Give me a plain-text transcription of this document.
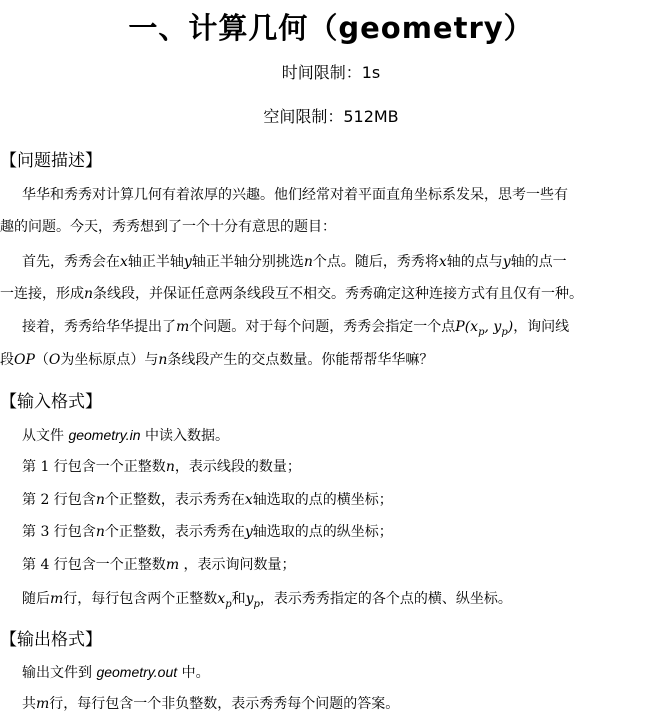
一、计算几何（geometry）
时间限制：1s
空间限制：512MB
【问题描述】
华华和秀秀对计算几何有着浓厚的兴趣。他们经常对着平面直角坐标系发呆，思考一些有
趣的问题。今天，秀秀想到了一个十分有意思的题目：
首先，秀秀会在x轴正半轴y轴正半轴分别挑选n个点。随后，秀秀将x轴的点与y轴的点一
一连接，形成n条线段，并保证任意两条线段互不相交。秀秀确定这种连接方式有且仅有一种。
接着，秀秀给华华提出了m个问题。对于每个问题，秀秀会指定一个点$P(x_p$, $y_p$)，询问线
段OP（O为坐标原点）与n条线段产生的交点数量。你能帮帮华华嘛？
【输入格式】
从文件 geometry.in 中读入数据。
第 1 行包含一个正整数n，表示线段的数量；
第 2 行包含n个正整数，表示秀秀在x轴选取的点的横坐标；
第 3 行包含n个正整数，表示秀秀在y轴选取的点的纵坐标；
第 4 行包含一个正整数m ，表示询问数量；
随后m行，每行包含两个正整数$x_p$和$y_p$，表示秀秀指定的各个点的横、纵坐标。
【输出格式】
输出文件到 geometry.out 中。
共m行，每行包含一个非负整数，表示秀秀每个问题的答案。
